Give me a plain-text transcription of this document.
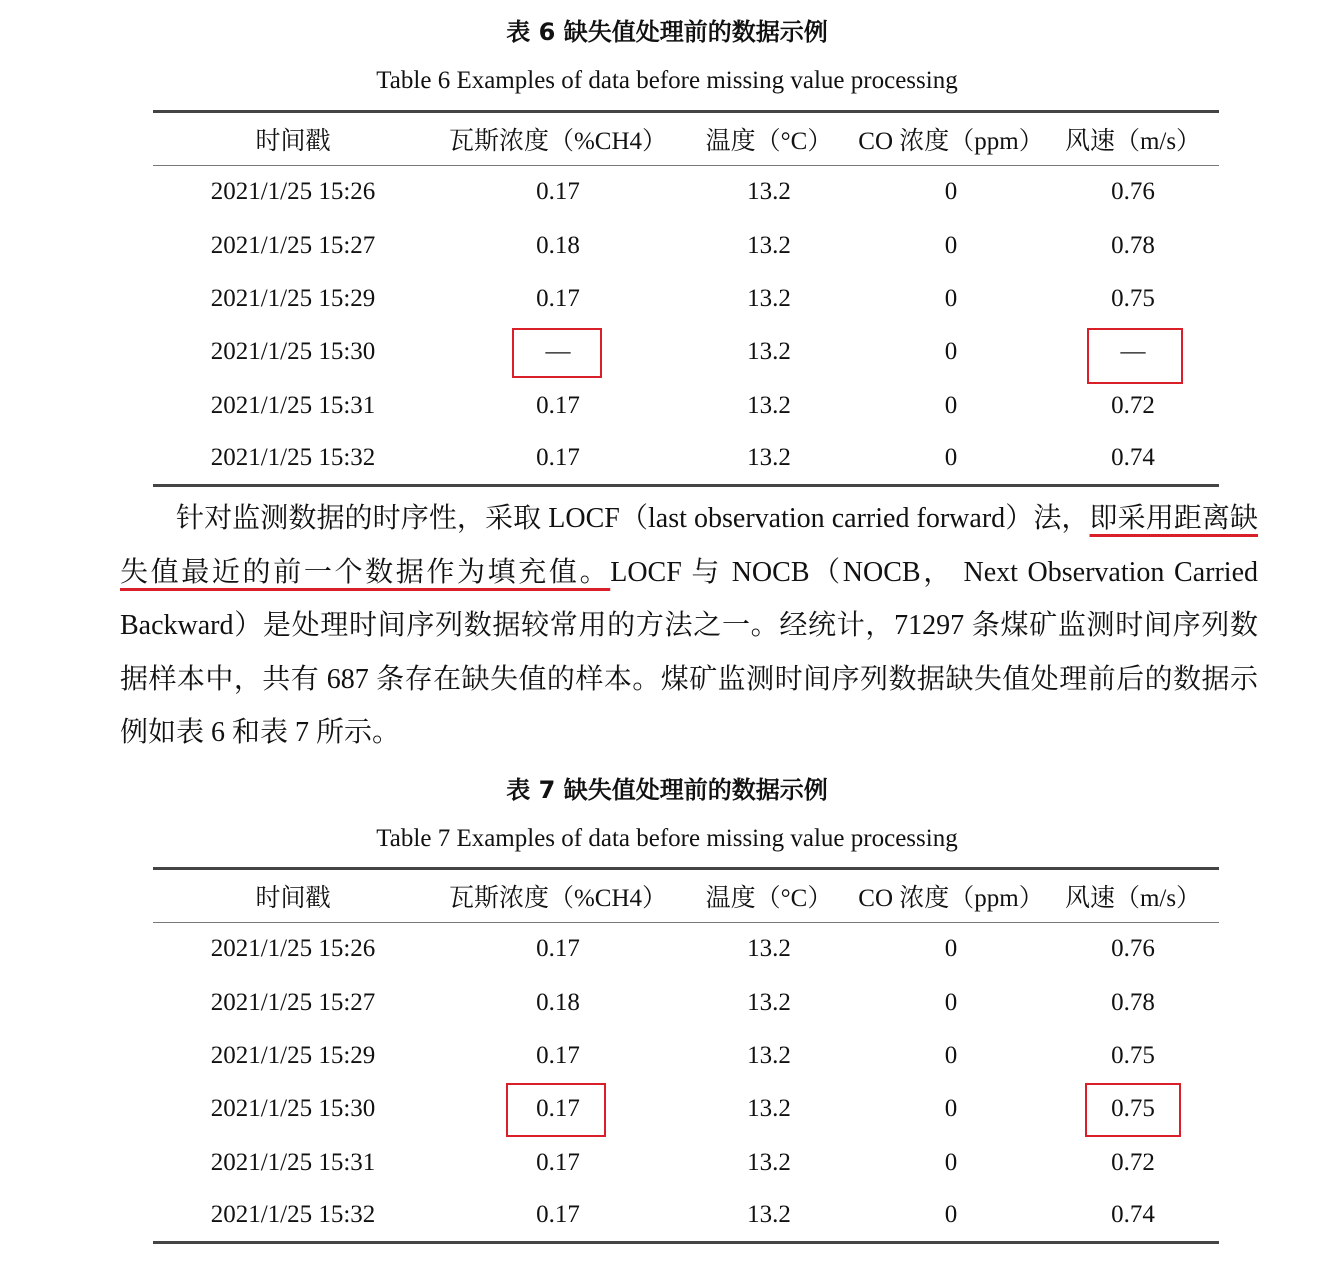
表 6 缺失值处理前的数据示例
Table 6 Examples of data before missing value processing
时间戳	瓦斯浓度（%CH4）	温度（°C）	CO 浓度（ppm）	风速（m/s）
2021/1/25 15:26	0.17	13.2	0	0.76
2021/1/25 15:27	0.18	13.2	0	0.78
2021/1/25 15:29	0.17	13.2	0	0.75
2021/1/25 15:30	—	13.2	0	—

2021/1/25 15:31	0.17	13.2	0	0.72
2021/1/25 15:32	0.17	13.2	0	0.74
针对监测数据的时序性，采取 LOCF（last observation carried forward）法，即采用距离缺失值最近的前一个数据作为填充值。LOCF 与 NOCB（NOCB， Next Observation Carried Backward）是处理时间序列数据较常用的方法之一。经统计，71297 条煤矿监测时间序列数据样本中，共有 687 条存在缺失值的样本。煤矿监测时间序列数据缺失值处理前后的数据示例如表 6 和表 7 所示。
表 7 缺失值处理前的数据示例
Table 7 Examples of data before missing value processing
时间戳	瓦斯浓度（%CH4）	温度（°C）	CO 浓度（ppm）	风速（m/s）
2021/1/25 15:26	0.17	13.2	0	0.76
2021/1/25 15:27	0.18	13.2	0	0.78
2021/1/25 15:29	0.17	13.2	0	0.75
2021/1/25 15:30	0.17	13.2	0	0.75

2021/1/25 15:31	0.17	13.2	0	0.72
2021/1/25 15:32	0.17	13.2	0	0.74
